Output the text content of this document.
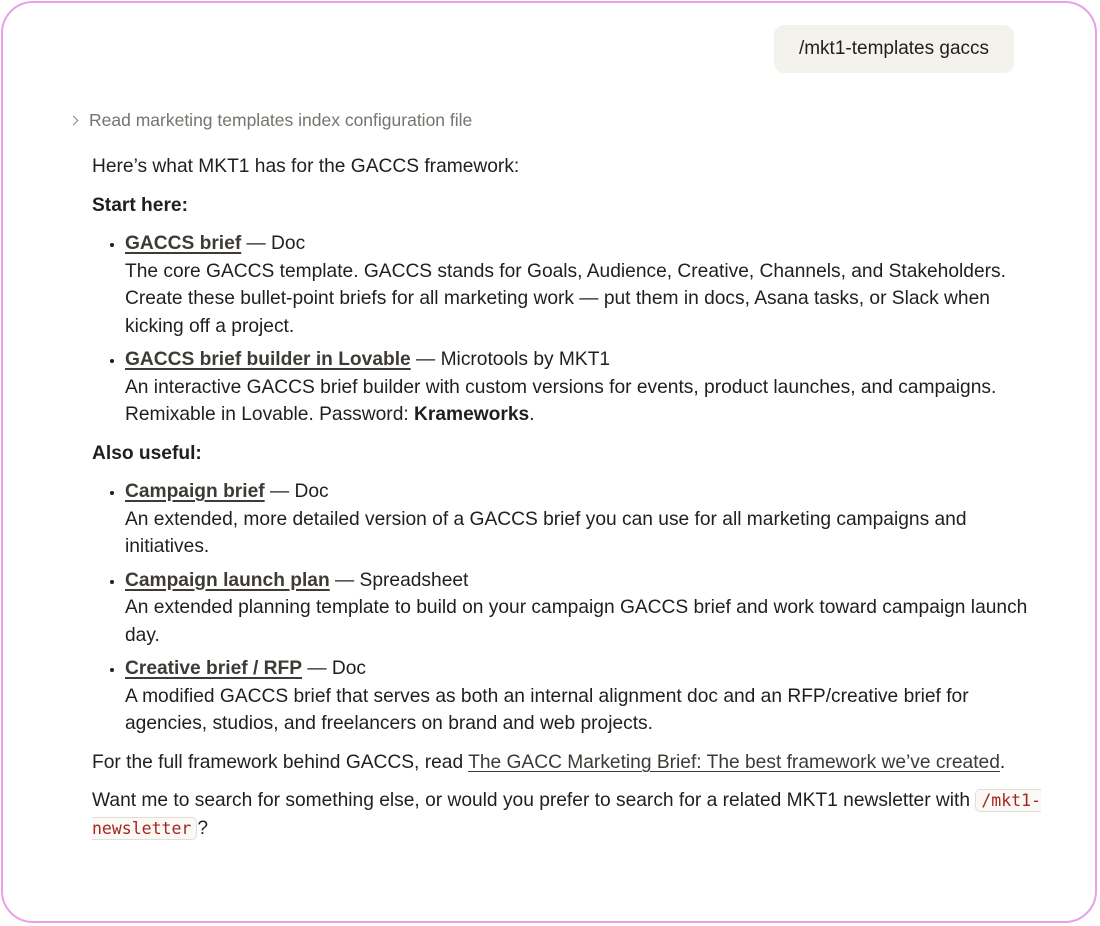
/mkt1-templates gaccs
Read marketing templates index configuration file

Here’s what MKT1 has for the GACCS framework:

Start here:

• GACCS brief — Doc
The core GACCS template. GACCS stands for Goals, Audience, Creative, Channels, and Stakeholders. Create these bullet-point briefs for all marketing work — put them in docs, Asana tasks, or Slack when kicking off a project.
• GACCS brief builder in Lovable — Microtools by MKT1
An interactive GACCS brief builder with custom versions for events, product launches, and campaigns. Remixable in Lovable. Password: Krameworks.

Also useful:

• Campaign brief — Doc
An extended, more detailed version of a GACCS brief you can use for all marketing campaigns and initiatives.
• Campaign launch plan — Spreadsheet
An extended planning template to build on your campaign GACCS brief and work toward campaign launch day.
• Creative brief / RFP — Doc
A modified GACCS brief that serves as both an internal alignment doc and an RFP/creative brief for agencies, studios, and freelancers on brand and web projects.

For the full framework behind GACCS, read The GACC Marketing Brief: The best framework we’ve created.

Want me to search for something else, or would you prefer to search for a related MKT1 newsletter with /mkt1-newsletter ?
